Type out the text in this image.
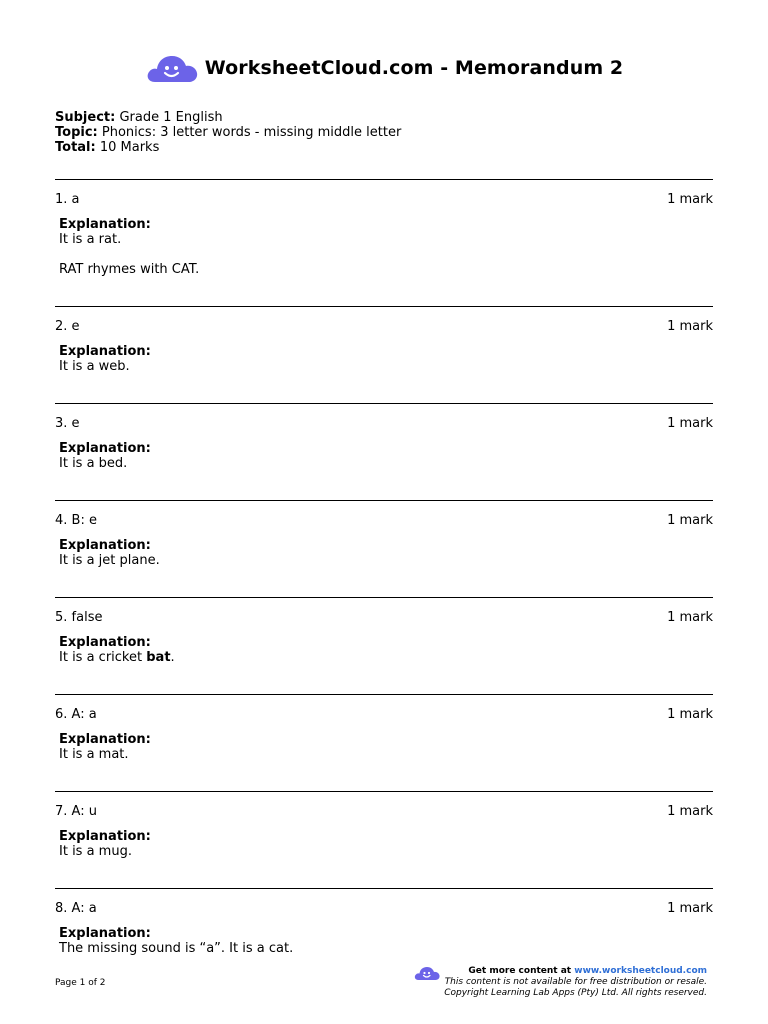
WorksheetCloud.com - Memorandum 2
Subject: Grade 1 English
Topic: Phonics: 3 letter words - missing middle letter
Total: 10 Marks
1. a	1 mark
Explanation:

It is a rat.

RAT rhymes with CAT.

2. e	1 mark
Explanation:

It is a web.

3. e	1 mark
Explanation:

It is a bed.

4. B: e	1 mark
Explanation:

It is a jet plane.

5. false	1 mark
Explanation:

It is a cricket bat.

6. A: a	1 mark
Explanation:

It is a mat.

7. A: u	1 mark
Explanation:

It is a mug.

8. A: a	1 mark
Explanation:

The missing sound is “a”. It is a cat.

Page 1 of 2
Get more content at www.worksheetcloud.com
This content is not available for free distribution or resale.
Copyright Learning Lab Apps (Pty) Ltd. All rights reserved.
